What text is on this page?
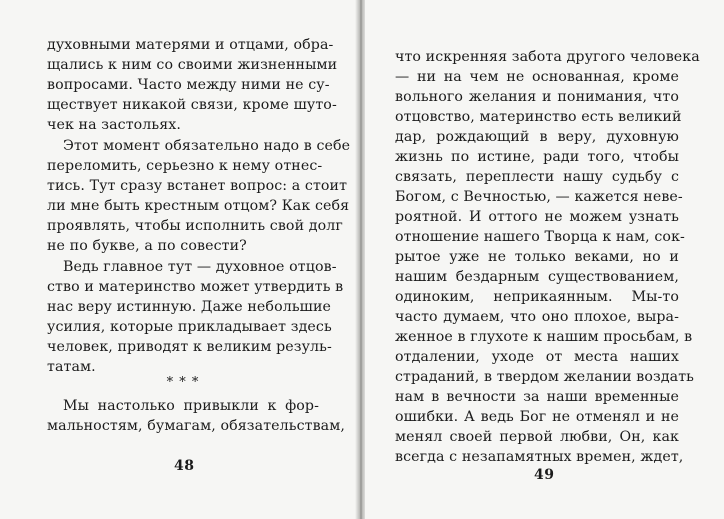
духовными матерями и отцами, обра-
щались к ним со своими жизненными
вопросами. Часто между ними не су-
ществует никакой связи, кроме шуто-
чек на застольях.
Этот момент обязательно надо в себе
переломить, серьезно к нему отнес-
тись. Тут сразу встанет вопрос: а стоит
ли мне быть крестным отцом? Как себя
проявлять, чтобы исполнить свой долг
не по букве, а по совести?
Ведь главное тут — духовное отцов-
ство и материнство может утвердить в
нас веру истинную. Даже небольшие
усилия, которые прикладывает здесь
человек, приводят к великим резуль-
татам.
* * *
Мы настолько привыкли к фор-
мальностям, бумагам, обязательствам,
48
что искренняя забота другого человека
— ни на чем не основанная, кроме
вольного желания и понимания, что
отцовство, материнство есть великий
дар, рождающий в веру, духовную
жизнь по истине, ради того, чтобы
связать, переплести нашу судьбу с
Богом, с Вечностью, — кажется неве-
роятной. И оттого не можем узнать
отношение нашего Творца к нам, сок-
рытое уже не только веками, но и
нашим бездарным существованием,
одиноким, неприкаянным. Мы-то
часто думаем, что оно плохое, выра-
женное в глухоте к нашим просьбам, в
отдалении, уходе от места наших
страданий, в твердом желании воздать
нам в вечности за наши временные
ошибки. А ведь Бог не отменял и не
менял своей первой любви, Он, как
всегда с незапамятных времен, ждет,
49
